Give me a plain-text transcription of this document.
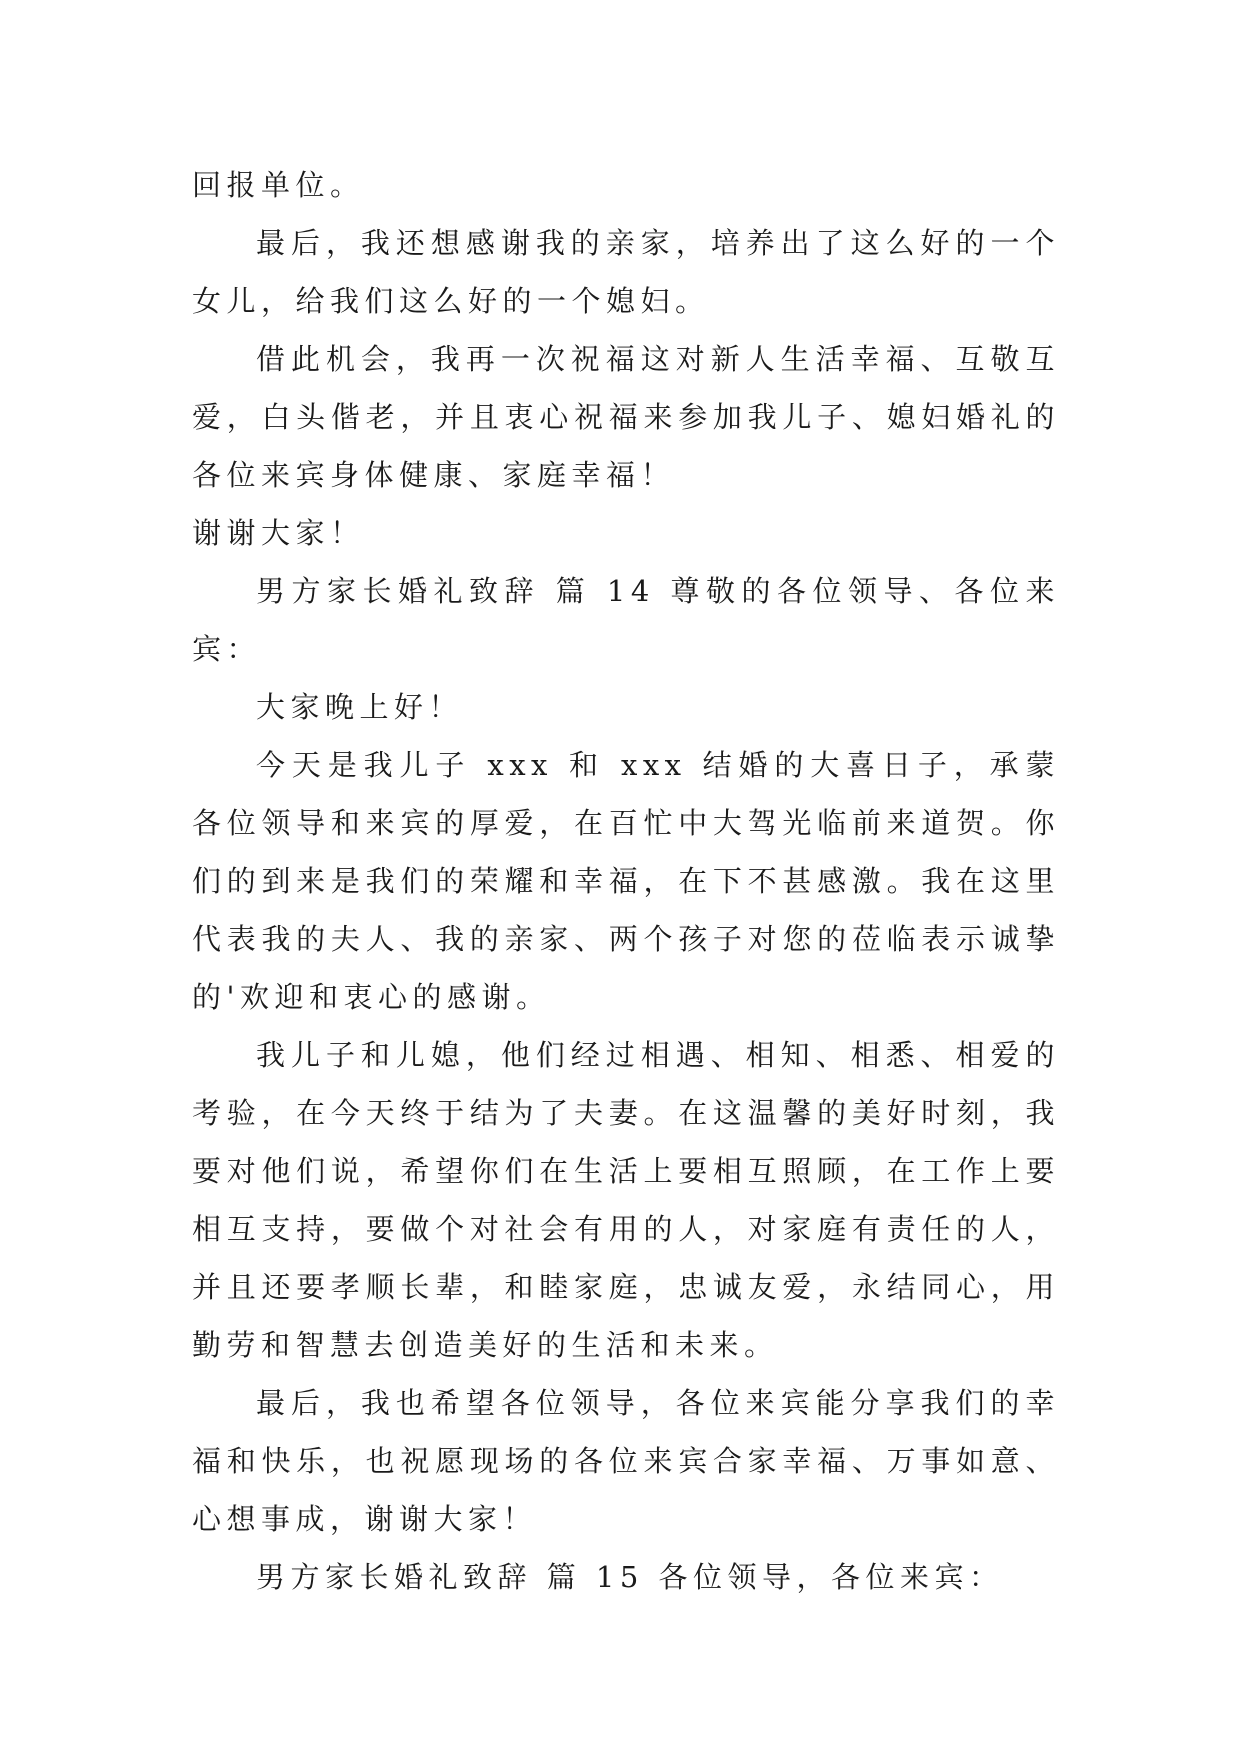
回报单位。

最后，我还想感谢我的亲家，培养出了这么好的一个女儿，给我们这么好的一个媳妇。

借此机会，我再一次祝福这对新人生活幸福、互敬互爱，白头偕老，并且衷心祝福来参加我儿子、媳妇婚礼的各位来宾身体健康、家庭幸福！

谢谢大家！

男方家长婚礼致辞 篇 14 尊敬的各位领导、各位来宾：

大家晚上好！

今天是我儿子 xxx 和 xxx 结婚的大喜日子，承蒙各位领导和来宾的厚爱，在百忙中大驾光临前来道贺。你们的到来是我们的荣耀和幸福，在下不甚感激。我在这里代表我的夫人、我的亲家、两个孩子对您的莅临表示诚挚的'欢迎和衷心的感谢。

我儿子和儿媳，他们经过相遇、相知、相悉、相爱的考验，在今天终于结为了夫妻。在这温馨的美好时刻，我要对他们说，希望你们在生活上要相互照顾，在工作上要相互支持，要做个对社会有用的人，对家庭有责任的人，并且还要孝顺长辈，和睦家庭，忠诚友爱，永结同心，用勤劳和智慧去创造美好的生活和未来。

最后，我也希望各位领导，各位来宾能分享我们的幸福和快乐，也祝愿现场的各位来宾合家幸福、万事如意、心想事成，谢谢大家！

男方家长婚礼致辞 篇 15 各位领导，各位来宾：
